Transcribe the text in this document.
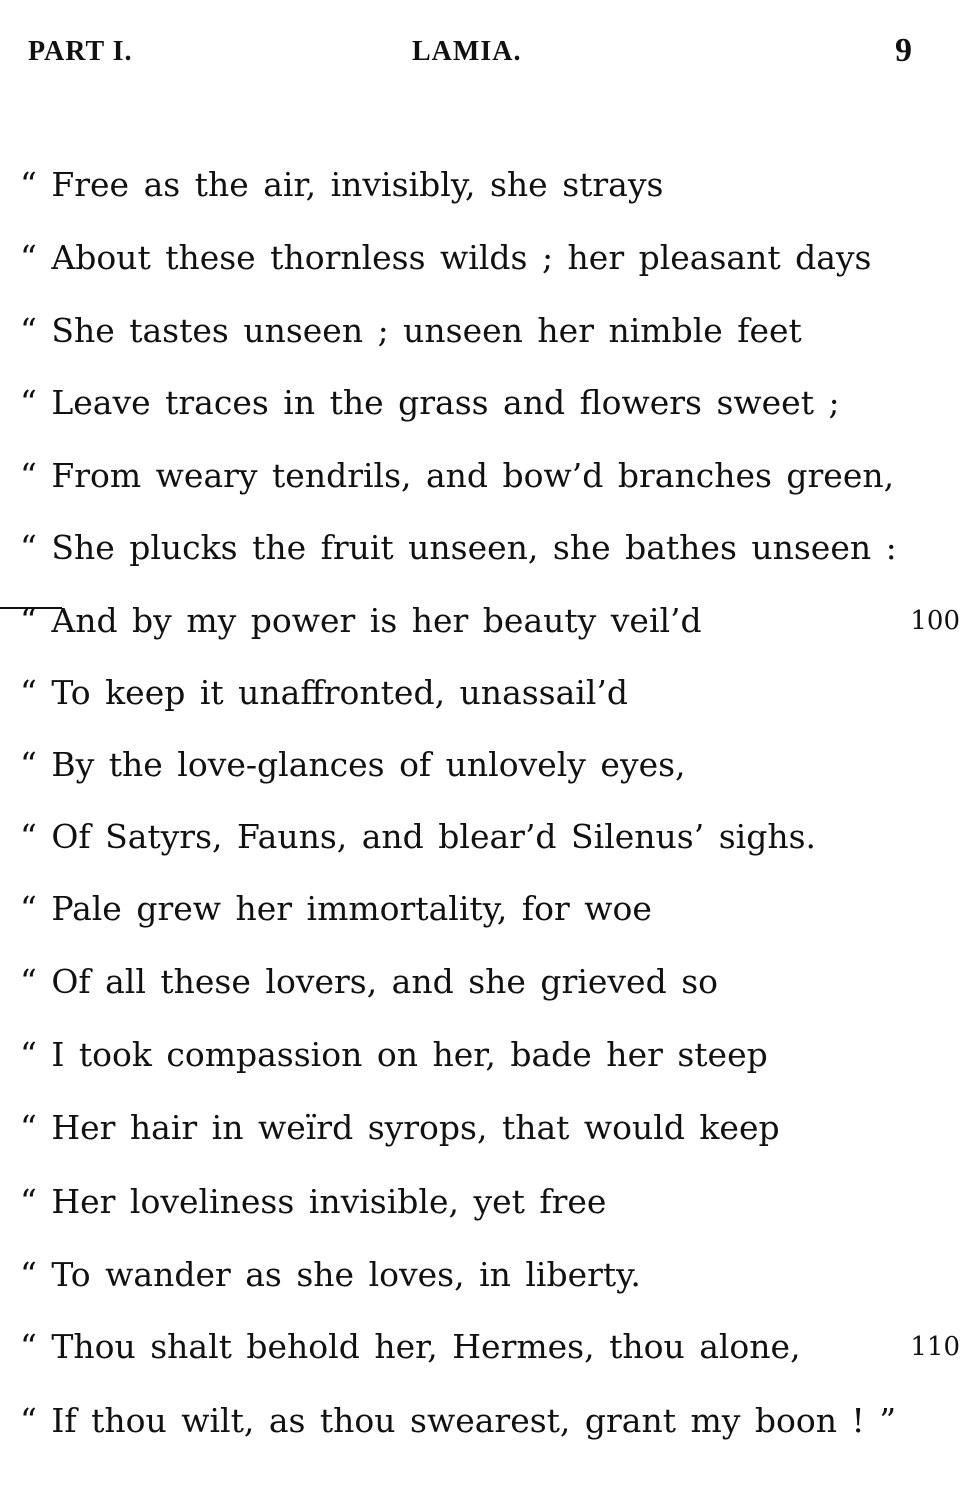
PART I.	LAMIA.	9
“ Free as the air, invisibly, she strays
“ About these thornless wilds ; her pleasant days
“ She tastes unseen ; unseen her nimble feet
“ Leave traces in the grass and flowers sweet ;
“ From weary tendrils, and bow’d branches green,
“ She plucks the fruit unseen, she bathes unseen :
“ And by my power is her beauty veil’d	100
“ To keep it unaffronted, unassail’d
“ By the love-glances of unlovely eyes,
“ Of Satyrs, Fauns, and blear’d Silenus’ sighs.
“ Pale grew her immortality, for woe
“ Of all these lovers, and she grieved so
“ I took compassion on her, bade her steep
“ Her hair in weïrd syrops, that would keep
“ Her loveliness invisible, yet free
“ To wander as she loves, in liberty.
“ Thou shalt behold her, Hermes, thou alone,	110
“ If thou wilt, as thou swearest, grant my boon ! ”
